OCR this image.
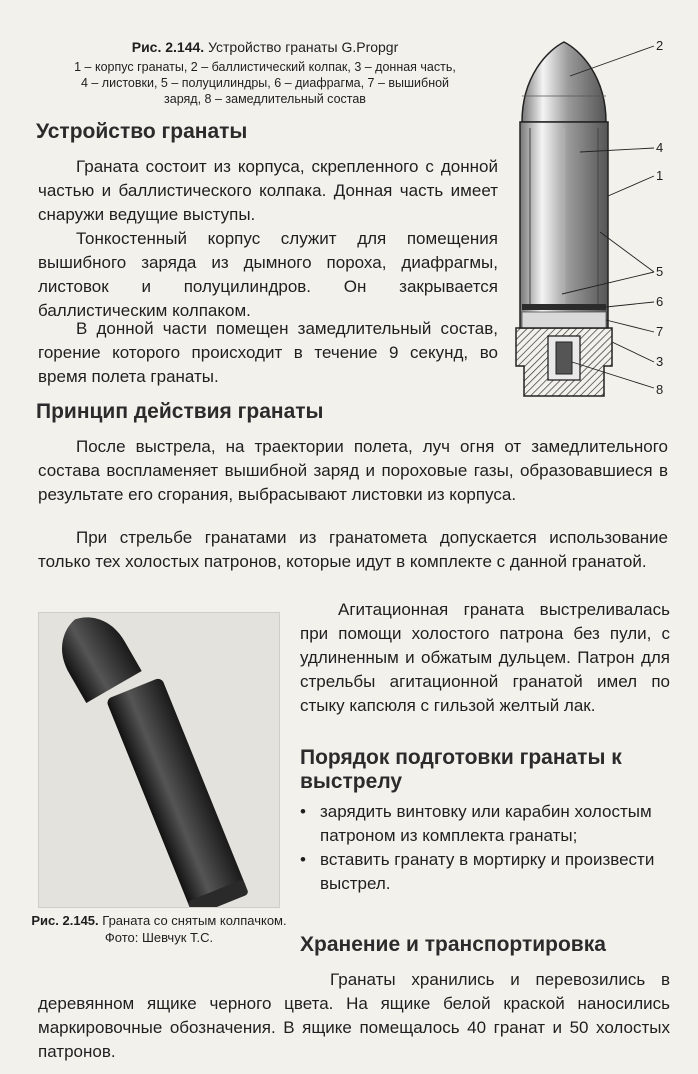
Рис. 2.144. Устройство гранаты G.Propgr
1 – корпус гранаты, 2 – баллистический колпак, 3 – донная часть,
4 – листовки, 5 – полуцилиндры, 6 – диафрагма, 7 – вышибной
заряд, 8 – замедлительный состав
Устройство гранаты

Граната состоит из корпуса, скрепленного с донной частью и баллистического колпака. Донная часть имеет снаружи ведущие выступы.

Тонкостенный корпус служит для помещения вышибного заряда из дымного пороха, диафрагмы, листовок и полуцилиндров. Он закрывается баллистическим колпаком.

В донной части помещен замедлительный состав, горение которого происходит в течение 9 секунд, во время полета гранаты.

2
4
1
5
6
7
3
8
Принцип действия гранаты

После выстрела, на траектории полета, луч огня от замедлительного состава воспламеняет вышибной заряд и пороховые газы, образовавшиеся в результате его сгорания, выбрасывают листовки из корпуса.

При стрельбе гранатами из гранатомета допускается использование только тех холостых патронов, которые идут в комплекте с данной гранатой.

Агитационная граната выстреливалась при помощи холостого патрона без пули, с удлиненным и обжатым дульцем. Патрон для стрельбы агитационной гранатой имел по стыку капсюля с гильзой желтый лак.

Рис. 2.145. Граната со снятым колпачком.
Фото: Шевчук Т.С.
Порядок подготовки гранаты к выстрелу
• зарядить винтовку или карабин холостым патроном из комплекта гранаты;
• вставить гранату в мортирку и произвести выстрел.
Хранение и транспортировка

Гранаты хранились и перевозились в деревянном ящике черного цвета. На ящике белой краской наносились маркировочные обозначения. В ящике помещалось 40 гранат и 50 холостых патронов.
